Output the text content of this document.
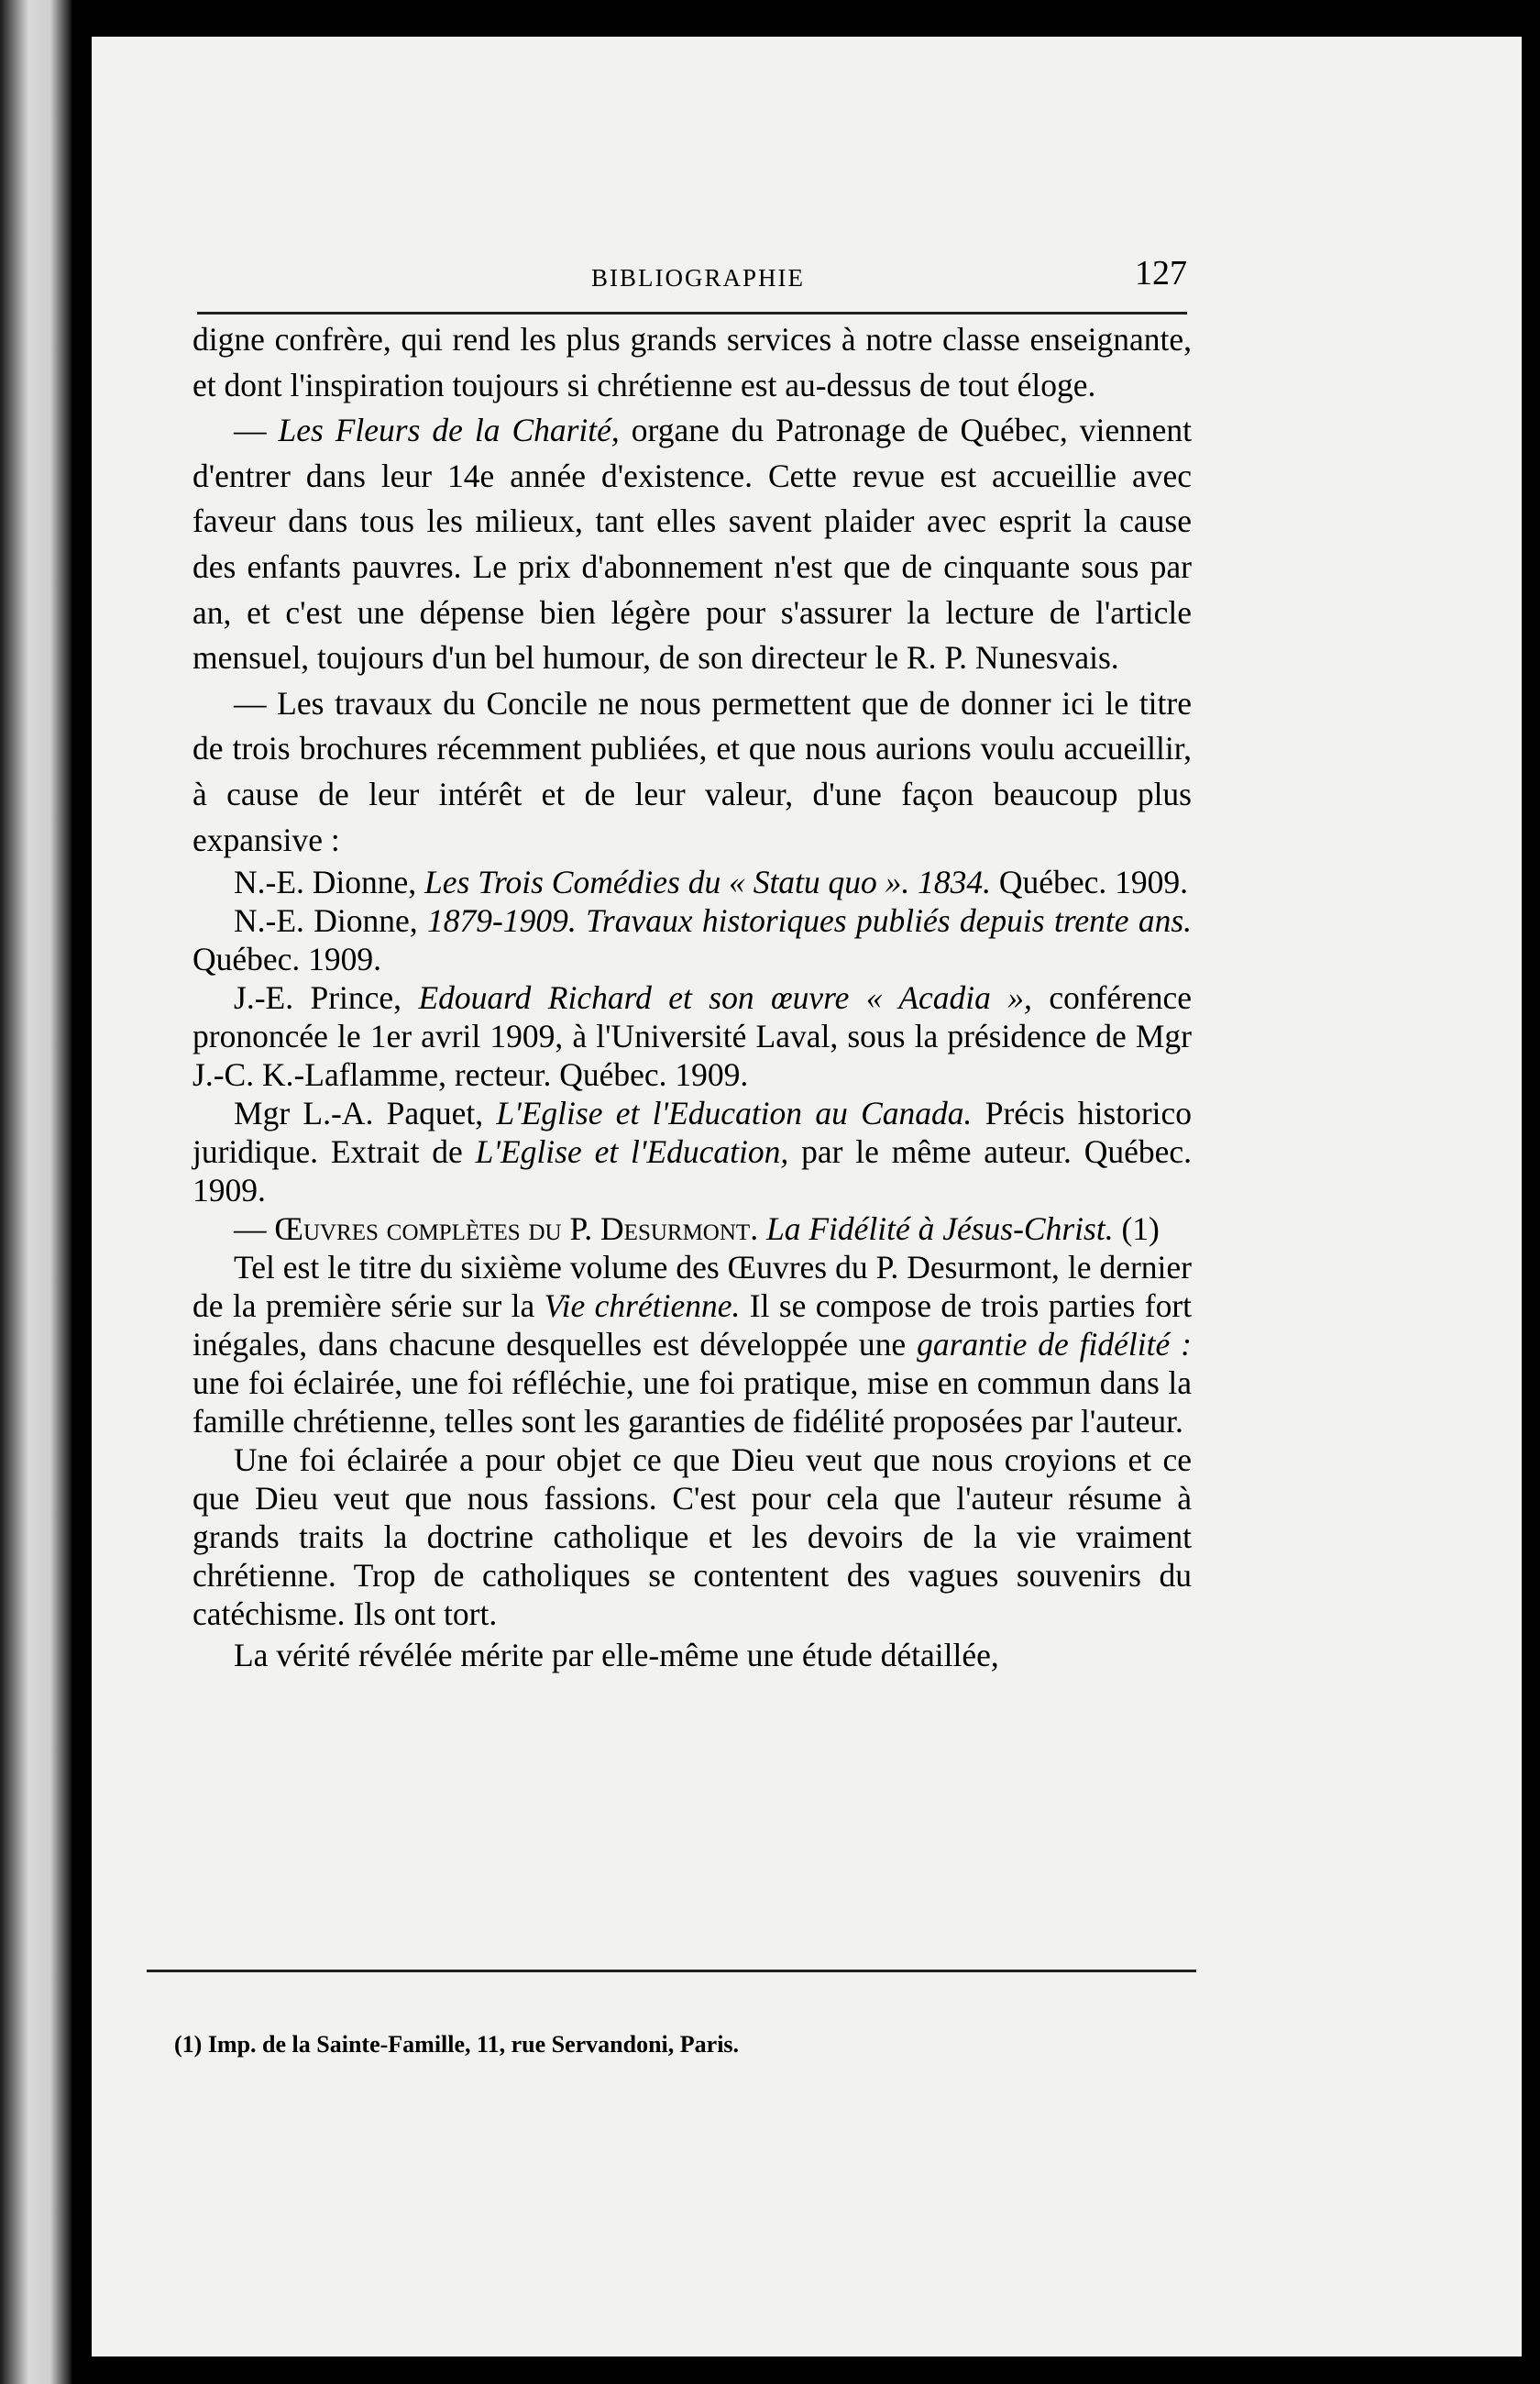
BIBLIOGRAPHIE	127

digne confrère, qui rend les plus grands services à notre classe enseignante, et dont l'inspiration toujours si chrétienne est au-dessus de tout éloge.

— Les Fleurs de la Charité, organe du Patronage de Québec, viennent d'entrer dans leur 14e année d'existence. Cette revue est accueillie avec faveur dans tous les milieux, tant elles savent plaider avec esprit la cause des enfants pauvres. Le prix d'abonnement n'est que de cinquante sous par an, et c'est une dépense bien légère pour s'assurer la lecture de l'article mensuel, toujours d'un bel humour, de son directeur le R. P. Nunesvais.

— Les travaux du Concile ne nous permettent que de donner ici le titre de trois brochures récemment publiées, et que nous aurions voulu accueillir, à cause de leur intérêt et de leur valeur, d'une façon beaucoup plus expansive :

N.-E. Dionne, Les Trois Comédies du « Statu quo ». 1834. Québec. 1909.

N.-E. Dionne, 1879-1909. Travaux historiques publiés depuis trente ans. Québec. 1909.

J.-E. Prince, Edouard Richard et son œuvre « Acadia », conférence prononcée le 1er avril 1909, à l'Université Laval, sous la présidence de Mgr J.-C. K.-Laflamme, recteur. Québec. 1909.

Mgr L.-A. Paquet, L'Eglise et l'Education au Canada. Précis historico juridique. Extrait de L'Eglise et l'Education, par le même auteur. Québec. 1909.

— Œuvres complètes du P. Desurmont. La Fidélité à Jésus-Christ. (1)

Tel est le titre du sixième volume des Œuvres du P. Desurmont, le dernier de la première série sur la Vie chrétienne. Il se compose de trois parties fort inégales, dans chacune desquelles est développée une garantie de fidélité : une foi éclairée, une foi réfléchie, une foi pratique, mise en commun dans la famille chrétienne, telles sont les garanties de fidélité proposées par l'auteur.

Une foi éclairée a pour objet ce que Dieu veut que nous croyions et ce que Dieu veut que nous fassions. C'est pour cela que l'auteur résume à grands traits la doctrine catholique et les devoirs de la vie vraiment chrétienne. Trop de catholiques se contentent des vagues souvenirs du catéchisme. Ils ont tort.

La vérité révélée mérite par elle-même une étude détaillée,

(1) Imp. de la Sainte-Famille, 11, rue Servandoni, Paris.
